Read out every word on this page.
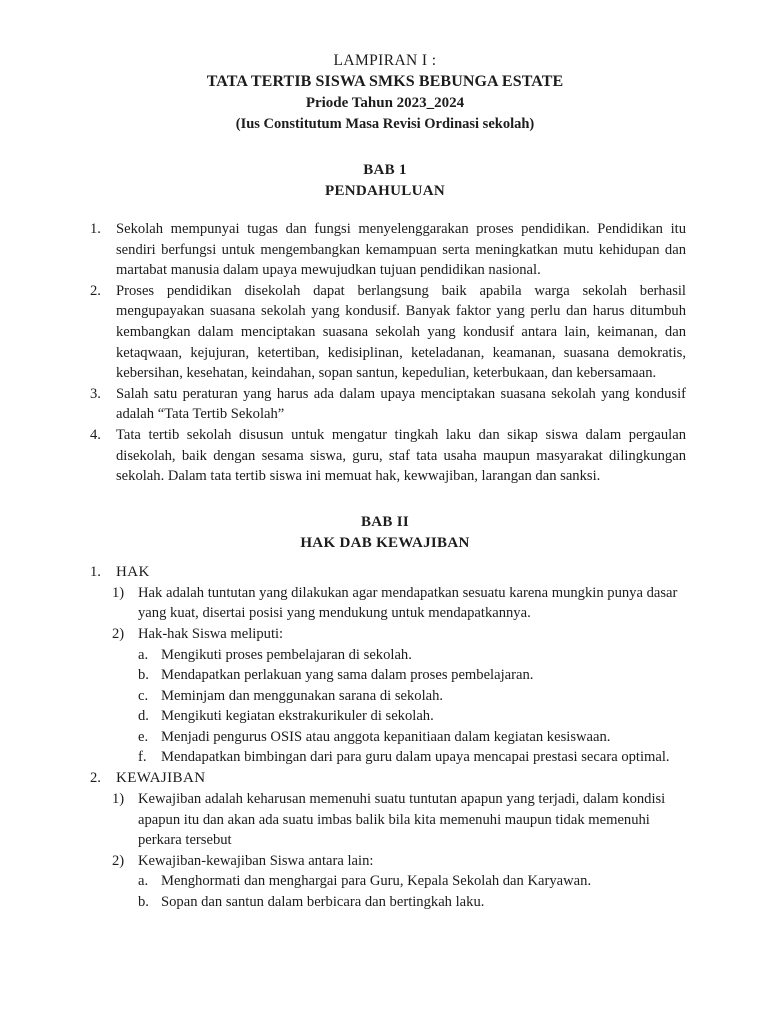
LAMPIRAN I :
TATA TERTIB SISWA SMKS BEBUNGA ESTATE
Priode Tahun 2023_2024
(Ius Constitutum Masa Revisi Ordinasi sekolah)
BAB 1
PENDAHULUAN
1.	Sekolah mempunyai tugas dan fungsi menyelenggarakan proses pendidikan. Pendidikan itu sendiri berfungsi untuk mengembangkan kemampuan serta meningkatkan mutu kehidupan dan martabat manusia dalam upaya mewujudkan tujuan pendidikan nasional.
2.	Proses pendidikan disekolah dapat berlangsung baik apabila warga sekolah berhasil mengupayakan suasana sekolah yang kondusif. Banyak faktor yang perlu dan harus ditumbuh kembangkan dalam menciptakan suasana sekolah yang kondusif antara lain, keimanan, dan ketaqwaan, kejujuran, ketertiban, kedisiplinan, keteladanan, keamanan, suasana demokratis, kebersihan, kesehatan, keindahan, sopan santun, kepedulian, keterbukaan, dan kebersamaan.
3.	Salah satu peraturan yang harus ada dalam upaya menciptakan suasana sekolah yang kondusif adalah “Tata Tertib Sekolah”
4.	Tata tertib sekolah disusun untuk mengatur tingkah laku dan sikap siswa dalam pergaulan disekolah, baik dengan sesama siswa, guru, staf tata usaha maupun masyarakat dilingkungan sekolah. Dalam tata tertib siswa ini memuat hak, kewwajiban, larangan dan sanksi.
BAB II
HAK DAB KEWAJIBAN
1.	HAK
1) Hak adalah tuntutan yang dilakukan agar mendapatkan sesuatu karena mungkin punya dasar yang kuat, disertai posisi yang mendukung untuk mendapatkannya.
2) Hak-hak Siswa meliputi:
a. Mengikuti proses pembelajaran di sekolah.
b. Mendapatkan perlakuan yang sama dalam proses pembelajaran.
c. Meminjam dan menggunakan sarana di sekolah.
d. Mengikuti kegiatan ekstrakurikuler di sekolah.
e. Menjadi pengurus OSIS atau anggota kepanitiaan dalam kegiatan kesiswaan.
f. Mendapatkan bimbingan dari para guru dalam upaya mencapai prestasi secara optimal.
2.	KEWAJIBAN
1) Kewajiban adalah keharusan memenuhi suatu tuntutan apapun yang terjadi, dalam kondisi apapun itu dan akan ada suatu imbas balik bila kita memenuhi maupun tidak memenuhi perkara tersebut
2) Kewajiban-kewajiban Siswa antara lain:
a. Menghormati dan menghargai para Guru, Kepala Sekolah dan Karyawan.
b. Sopan dan santun dalam berbicara dan bertingkah laku.
